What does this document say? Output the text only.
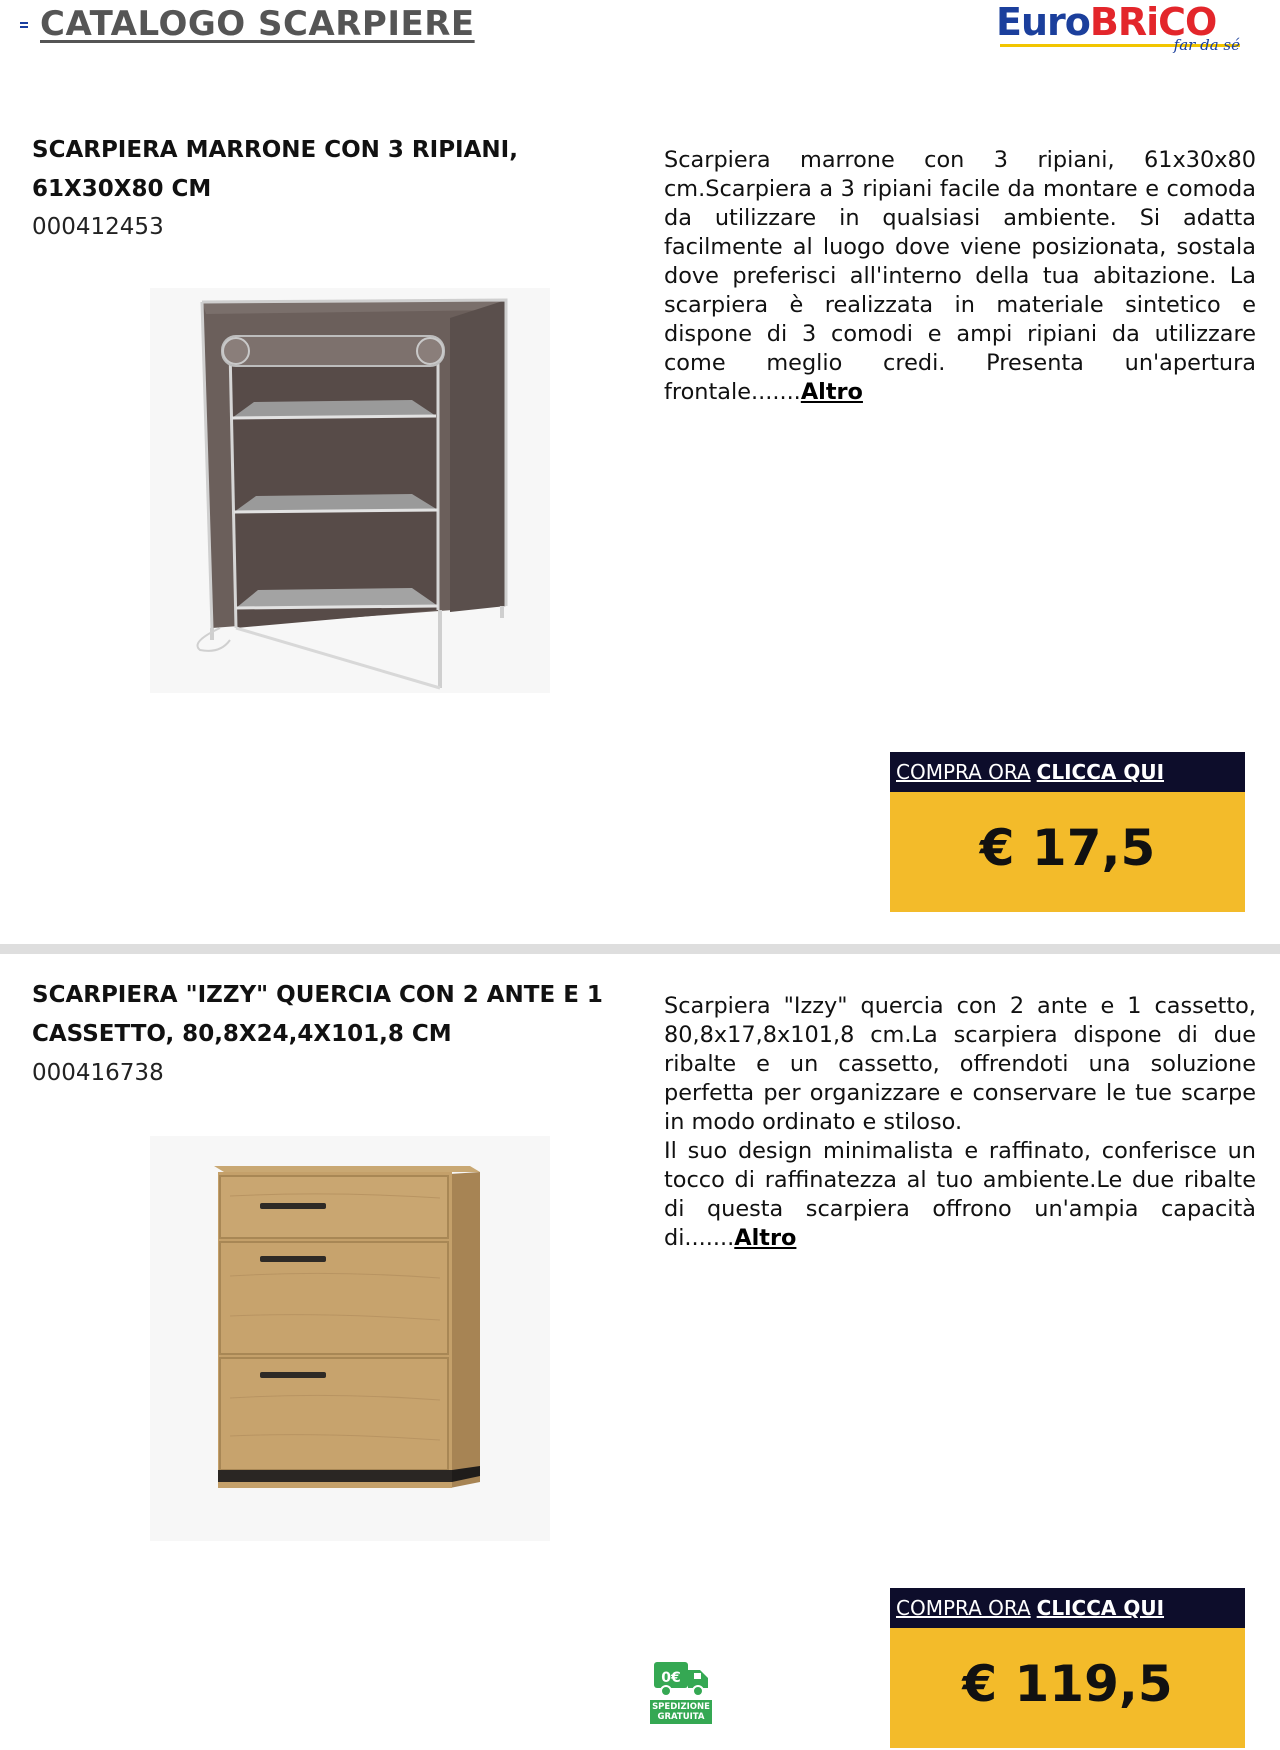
CATALOGO SCARPIERE	EuroBRiCO
far da sé
SCARPIERA MARRONE CON 3 RIPIANI, 61X30X80 CM
000412453
Scarpiera marrone con 3 ripiani, 61x30x80 cm.Scarpiera a 3 ripiani facile da montare e comoda da utilizzare in qualsiasi ambiente. Si adatta facilmente al luogo dove viene posizionata, sostala dove preferisci all'interno della tua abitazione. La scarpiera è realizzata in materiale sintetico e dispone di 3 comodi e ampi ripiani da utilizzare come meglio credi. Presenta un'apertura frontale.......Altro
COMPRA ORA CLICCA QUI
€ 17,5
SCARPIERA "IZZY" QUERCIA CON 2 ANTE E 1 CASSETTO, 80,8X24,4X101,8 CM
000416738
Scarpiera "Izzy" quercia con 2 ante e 1 cassetto, 80,8x17,8x101,8 cm.La scarpiera dispone di due ribalte e un cassetto, offrendoti una soluzione perfetta per organizzare e conservare le tue scarpe in modo ordinato e stiloso.
Il suo design minimalista e raffinato, conferisce un tocco di raffinatezza al tuo ambiente.Le due ribalte di questa scarpiera offrono un'ampia capacità di.......Altro
0€
SPEDIZIONE
GRATUITA
COMPRA ORA CLICCA QUI
€ 119,5
